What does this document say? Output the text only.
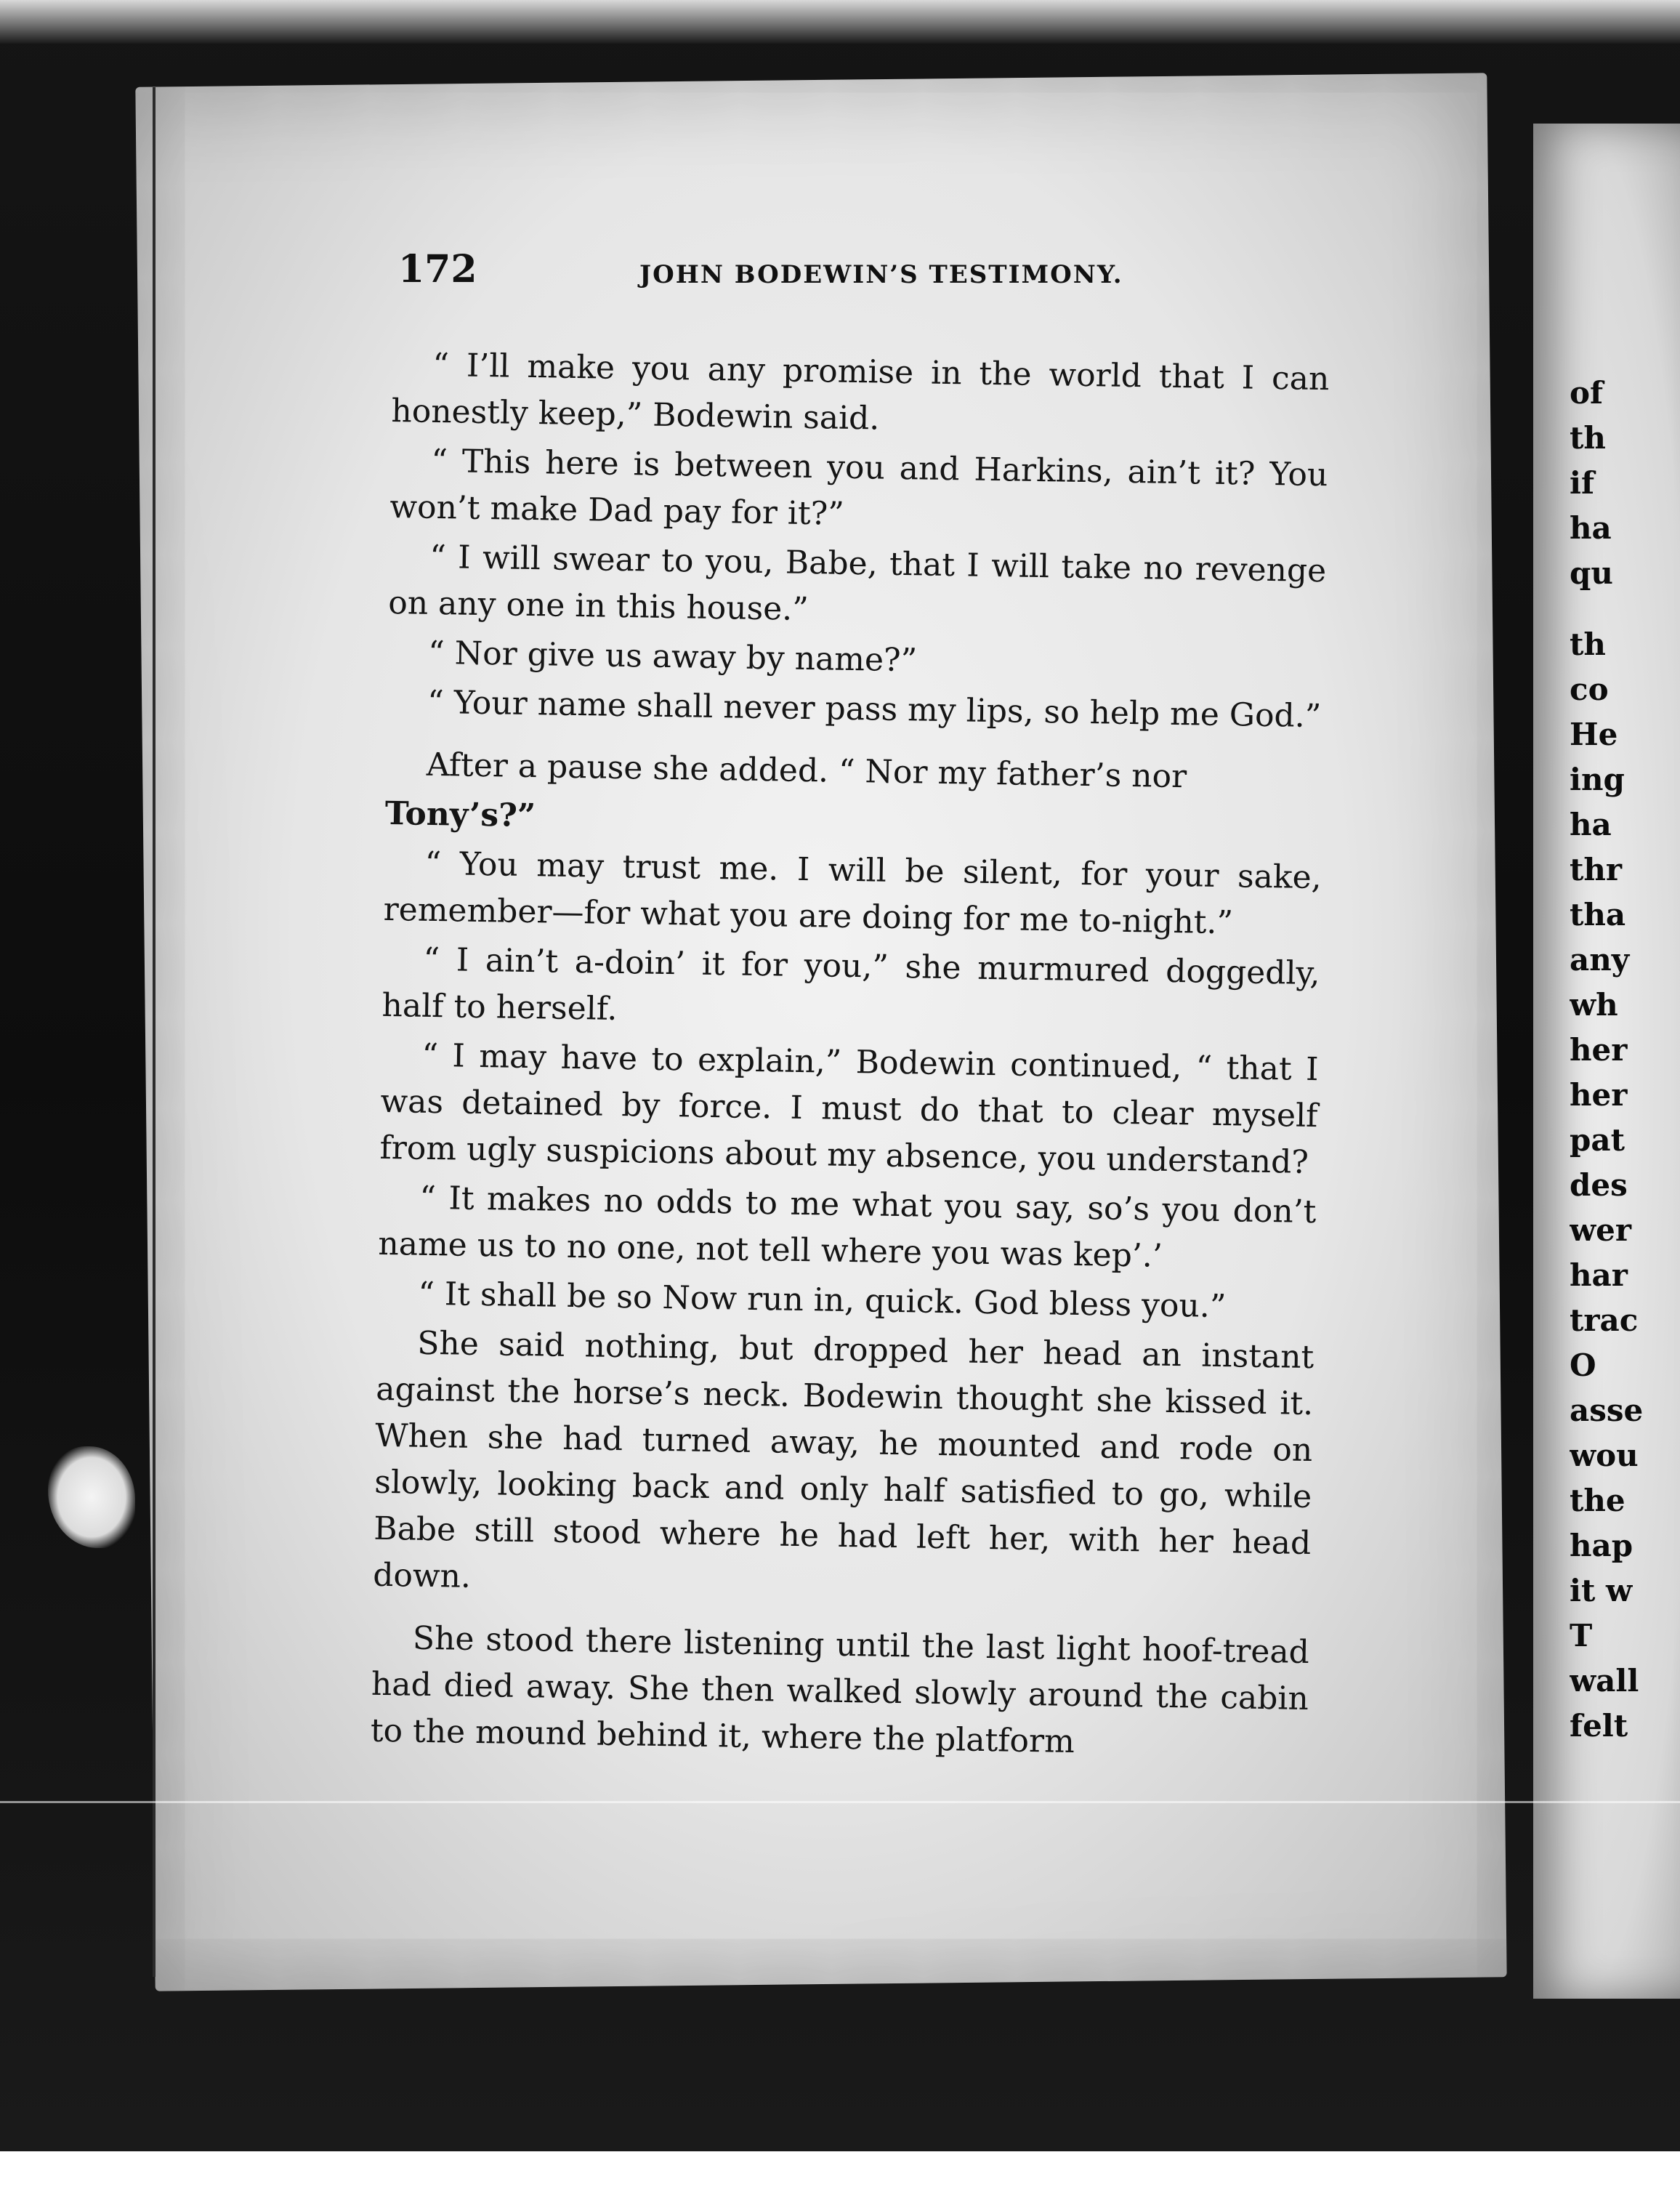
of
th
if
ha
qu
th
co
He
ing
ha
thr
tha
any
wh
her
her
pat
des
wer
har
trac
O
asse
wou
the
hap
it w
T
wall
felt
172	JOHN BODEWIN’S TESTIMONY.

“ I’ll make you any promise in the world that I can honestly keep,” Bodewin said.

“ This here is between you and Harkins, ain’t it? You won’t make Dad pay for it?”

“ I will swear to you, Babe, that I will take no revenge on any one in this house.”

“ Nor give us away by name?”

“ Your name shall never pass my lips, so help me God.”

After a pause she added. “ Nor my father’s nor

Tony’s?”

“ You may trust me. I will be silent, for your sake, remember—for what you are doing for me to-night.”

“ I ain’t a-doin’ it for you,” she murmured doggedly, half to herself.

“ I may have to explain,” Bodewin continued, “ that I was detained by force. I must do that to clear myself from ugly suspicions about my absence, you understand?

“ It makes no odds to me what you say, so’s you don’t name us to no one, not tell where you was kep’.’

“ It shall be so Now run in, quick. God bless you.”

She said nothing, but dropped her head an instant against the horse’s neck. Bodewin thought she kissed it. When she had turned away, he mounted and rode on slowly, looking back and only half satisfied to go, while Babe still stood where he had left her, with her head down.

She stood there listening until the last light hoof-tread had died away. She then walked slowly around the cabin to the mound behind it, where the platform
